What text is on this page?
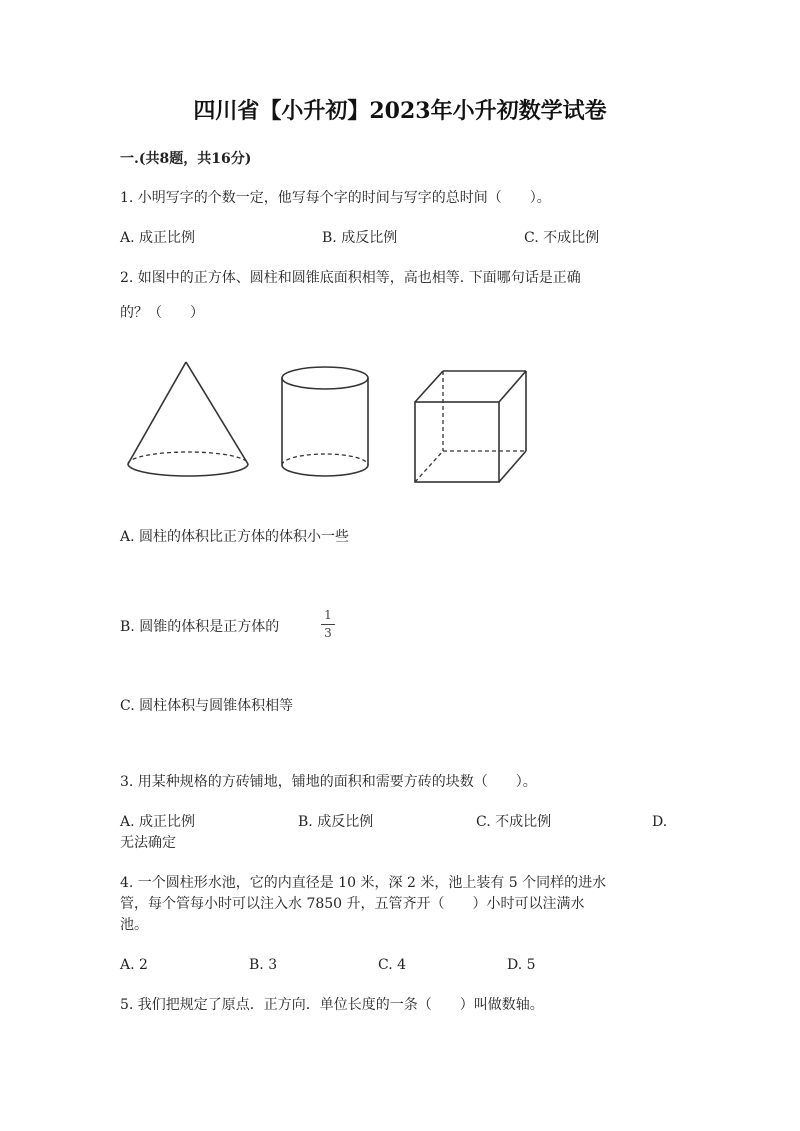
四川省【小升初】2023年小升初数学试卷
一.(共8题，共16分)
1. 小明写字的个数一定，他写每个字的时间与写字的总时间（　　）。
A. 成正比例	B. 成反比例	C. 不成比例
2. 如图中的正方体、圆柱和圆锥底面积相等，高也相等. 下面哪句话是正确
的？（　　）
A. 圆柱的体积比正方体的体积小一些
B. 圆锥的体积是正方体的
1
3
C. 圆柱体积与圆锥体积相等
3. 用某种规格的方砖铺地，铺地的面积和需要方砖的块数（　　）。
A. 成正比例	B. 成反比例	C. 不成比例	D.
无法确定
4. 一个圆柱形水池，它的内直径是 10 米，深 2 米，池上装有 5 个同样的进水
管，每个管每小时可以注入水 7850 升，五管齐开（　　）小时可以注满水
池。
A. 2	B. 3	C. 4	D. 5
5. 我们把规定了原点．正方向．单位长度的一条（　　）叫做数轴。
